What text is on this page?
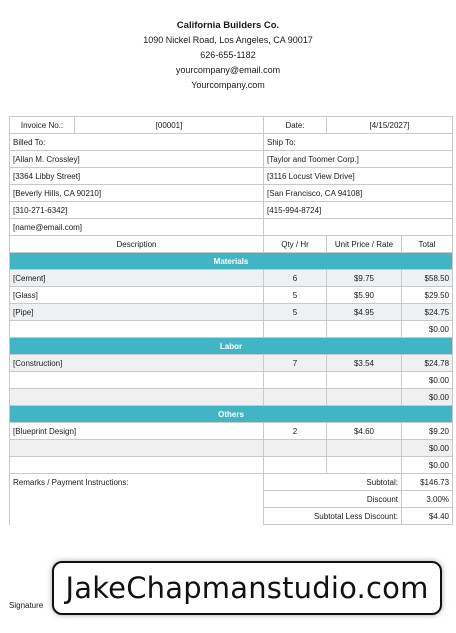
California Builders Co.
1090 Nickel Road, Los Angeles, CA 90017
626-655-1182
yourcompany@email.com
Yourcompany.com
Invoice No.:	[00001]	Date:	[4/15/2027]	
Billed To:		Ship To:		
[Allan M. Crossley]		[Taylor and Toomer Corp.]		
[3364 Libby Street]		[3116 Locust View Drive]		
[Beverly Hills, CA 90210]		[San Francisco, CA 94108]		
[310-271-6342]		[415-994-8724]		
[name@email.com]				
Description		Qty / Hr	Unit Price / Rate	Total
Materials				
[Cement]		6	$9.75	$58.50
[Glass]		5	$5.90	$29.50
[Pipe]		5	$4.95	$24.75
				$0.00
Labor				
[Construction]		7	$3.54	$24.78
				$0.00
				$0.00
Others				
[Blueprint Design]		2	$4.60	$9.20
				$0.00
				$0.00
Remarks / Payment Instructions:		Subtotal:		$146.73
		Discount		3.00%
		Subtotal Less Discount:		$4.40
Signature
JakeChapmanstudio.com
